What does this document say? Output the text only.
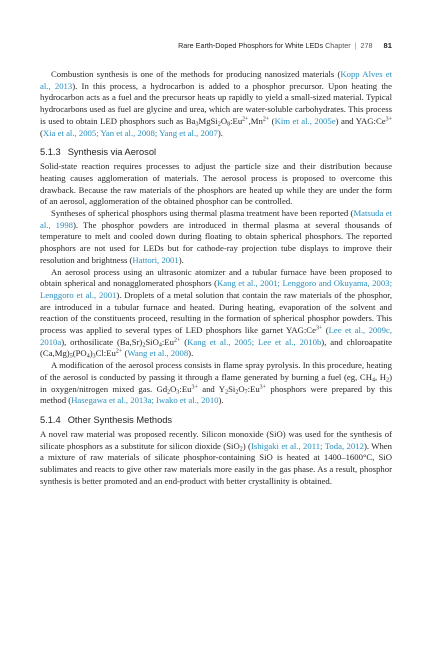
Rare Earth-Doped Phosphors for White LEDs Chapter | 278 81

Combustion synthesis is one of the methods for producing nanosized materials (Kopp Alves et al., 2013). In this process, a hydrocarbon is added to a phosphor precursor. Upon heating the hydrocarbon acts as a fuel and the precursor heats up rapidly to yield a small-sized material. Typical hydrocarbons used as fuel are glycine and urea, which are water-soluble carbohydrates. This process is used to obtain LED phosphors such as $Ba_3MgSi_2O_8:Eu^{2+},Mn^{2+}$ (Kim et al., 2005e) and $YAG:Ce^{3+}$ (Xia et al., 2005; Yan et al., 2008; Yang et al., 2007).

5.1.3 Synthesis via Aerosol

Solid-state reaction requires processes to adjust the particle size and their distribution because heating causes agglomeration of materials. The aerosol process is proposed to overcome this drawback. Because the raw materials of the phosphors are heated up while they are under the form of an aerosol, agglomeration of the obtained phosphor can be controlled.

Syntheses of spherical phosphors using thermal plasma treatment have been reported (Matsuda et al., 1998). The phosphor powders are introduced in thermal plasma at several thousands of temperature to melt and cooled down during floating to obtain spherical phosphors. The reported phosphors are not used for LEDs but for cathode-ray projection tube displays to improve their resolution and brightness (Hattori, 2001).

An aerosol process using an ultrasonic atomizer and a tubular furnace have been proposed to obtain spherical and nonagglomerated phosphors (Kang et al., 2001; Lenggoro and Okuyama, 2003; Lenggoro et al., 2001). Droplets of a metal solution that contain the raw materials of the phosphor, are introduced in a tubular furnace and heated. During heating, evaporation of the solvent and reaction of the constituents proceed, resulting in the formation of spherical phosphor powders. This process was applied to several types of LED phosphors like garnet $YAG:Ce^{3+}$ (Lee et al., 2009c, 2010a), orthosilicate $(Ba,Sr)_2SiO_4:Eu^{2+}$ (Kang et al., 2005; Lee et al., 2010b), and chloroapatite $(Ca,Mg)_5(PO_4)_3Cl:Eu^{2+}$ (Wang et al., 2008).

A modification of the aerosol process consists in flame spray pyrolysis. In this procedure, heating of the aerosol is conducted by passing it through a flame generated by burning a fuel (eg, $CH_4$, $H_2$) in oxygen/nitrogen mixed gas. $Gd_2O_3:Eu^{3+}$ and $Y_2Si_2O_7:Eu^{3+}$ phosphors were prepared by this method (Hasegawa et al., 2013a; Iwako et al., 2010).

5.1.4 Other Synthesis Methods

A novel raw material was proposed recently. Silicon monoxide (SiO) was used for the synthesis of silicate phosphors as a substitute for silicon dioxide (SiO$_2$) (Ishigaki et al., 2011; Toda, 2012). When a mixture of raw materials of silicate phosphor-containing SiO is heated at 1400–1600°C, SiO sublimates and reacts to give other raw materials more easily in the gas phase. As a result, phosphor synthesis is better promoted and an end-product with better crystallinity is obtained.
